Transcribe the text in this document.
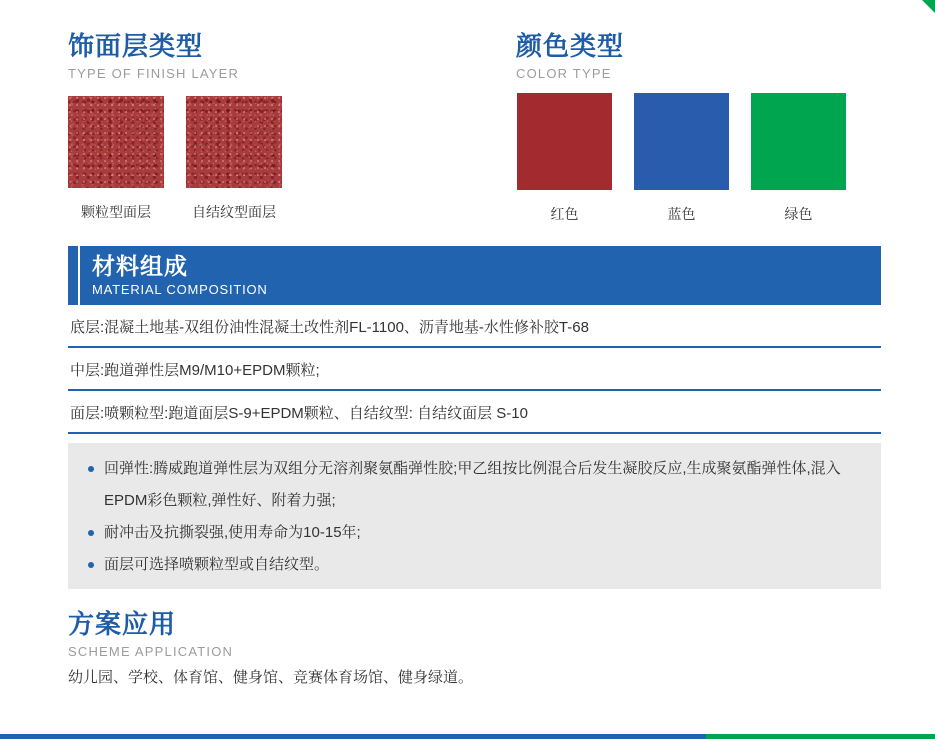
饰面层类型
TYPE OF FINISH LAYER
颗粒型面层	自结纹型面层
颜色类型
COLOR TYPE
红色	蓝色	绿色
材料组成
MATERIAL COMPOSITION
底层:混凝土地基-双组份油性混凝土改性剂FL-1100、沥青地基-水性修补胶T-68
中层:跑道弹性层M9/M10+EPDM颗粒;
面层:喷颗粒型:跑道面层S-9+EPDM颗粒、自结纹型: 自结纹面层 S-10
回弹性:腾威跑道弹性层为双组分无溶剂聚氨酯弹性胶;甲乙组按比例混合后发生凝胶反应,生成聚氨酯弹性体,混入EPDM彩色颗粒,弹性好、附着力强;
耐冲击及抗撕裂强,使用寿命为10-15年;
面层可选择喷颗粒型或自结纹型。
方案应用
SCHEME APPLICATION
幼儿园、学校、体育馆、健身馆、竞赛体育场馆、健身绿道。
